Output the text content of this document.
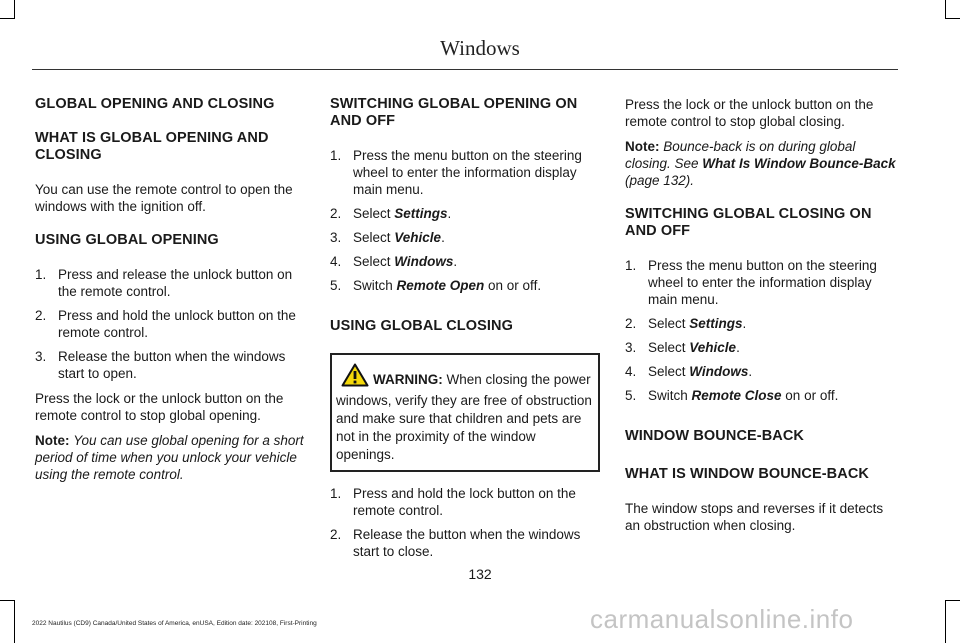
Windows
GLOBAL OPENING AND CLOSING
WHAT IS GLOBAL OPENING AND CLOSING

You can use the remote control to open the windows with the ignition off.

USING GLOBAL OPENING
1. Press and release the unlock button on the remote control.
2. Press and hold the unlock button on the remote control.
3. Release the button when the windows start to open.

Press the lock or the unlock button on the remote control to stop global opening.

Note: You can use global opening for a short period of time when you unlock your vehicle using the remote control.

SWITCHING GLOBAL OPENING ON AND OFF
1. Press the menu button on the steering wheel to enter the information display main menu.
2. Select Settings.
3. Select Vehicle.
4. Select Windows.
5. Switch Remote Open on or off.
USING GLOBAL CLOSING
WARNING: When closing the power windows, verify they are free of obstruction and make sure that children and pets are not in the proximity of the window openings.
1. Press and hold the lock button on the remote control.
2. Release the button when the windows start to close.

Press the lock or the unlock button on the remote control to stop global closing.

Note: Bounce-back is on during global closing. See What Is Window Bounce-Back (page 132).

SWITCHING GLOBAL CLOSING ON AND OFF
1. Press the menu button on the steering wheel to enter the information display main menu.
2. Select Settings.
3. Select Vehicle.
4. Select Windows.
5. Switch Remote Close on or off.
WINDOW BOUNCE-BACK
WHAT IS WINDOW BOUNCE-BACK

The window stops and reverses if it detects an obstruction when closing.

132
2022 Nautilus (CD9) Canada/United States of America, enUSA, Edition date: 202108, First-Printing	carmanualsonline.info
